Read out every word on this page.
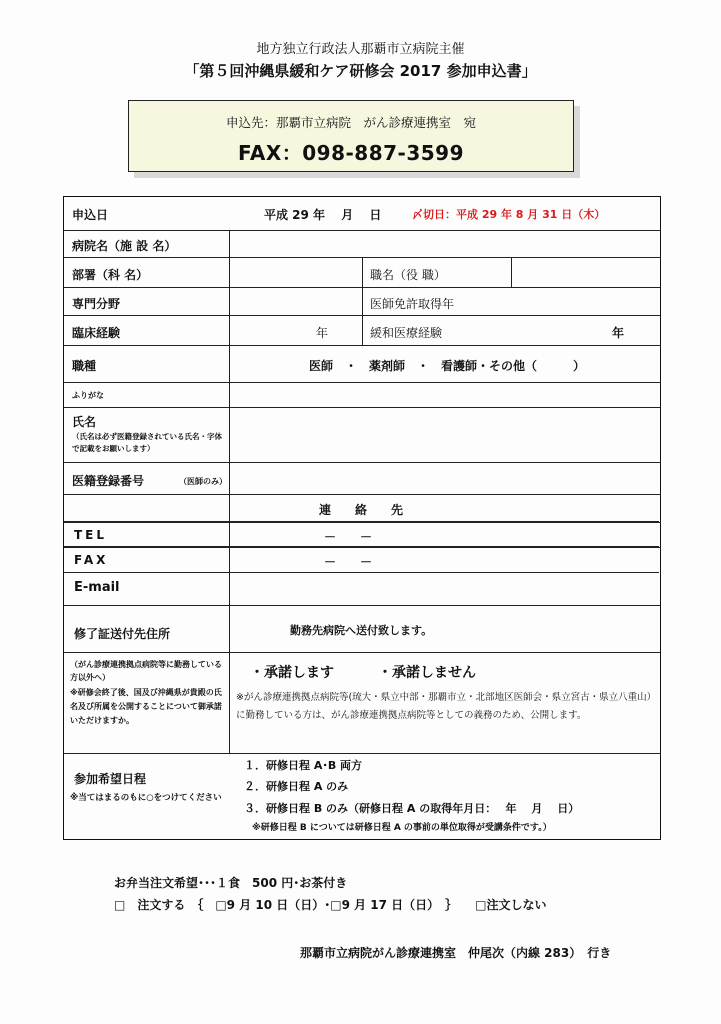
地方独立行政法人那覇市立病院主催
「第５回沖縄県緩和ケア研修会 2017 参加申込書」
申込先：那覇市立病院　がん診療連携室　宛
FAX：098-887-3599
申込日	平成 29 年　 月　 日	〆切日：平成 29 年 8 月 31 日（木）
病院名（施 設 名）
部署（科 名）	職名（役 職）
専門分野	医師免許取得年
臨床経験	年	緩和医療経験	年
職種	医師　・　薬剤師　・　看護師・その他（　　　）
ふりがな
氏名
（氏名は必ず医籍登録されている氏名・字体で記載をお願いします）
医籍登録番号	（医師のみ）
連　　絡　　先
TEL	－　　－
FAX	－　　－
E-mail
修了証送付先住所	勤務先病院へ送付致します。
（がん診療連携拠点病院等に勤務している方以外へ）
※研修会終了後、国及び沖縄県が貴殿の氏名及び所属を公開することについて御承諾いただけますか。
・承諾します	・承諾しません
※がん診療連携拠点病院等(琉大・県立中部・那覇市立・北部地区医師会・県立宮古・県立八重山）に勤務している方は、がん診療連携拠点病院等としての義務のため、公開します。
参加希望日程
※当てはまるのもに○をつけてください
１．研修日程 A･B 両方
２．研修日程 A のみ
３．研修日程 B のみ（研修日程 A の取得年月日：　 年　 月　 日）
※研修日程 B については研修日程 A の事前の単位取得が受講条件です。）
お弁当注文希望･･･１食　500 円･お茶付き
□　注文する　｛　□9 月 10 日（日）･□9 月 17 日（日）　｝　　□注文しない
那覇市立病院がん診療連携室　仲尾次（内線 283）　行き
